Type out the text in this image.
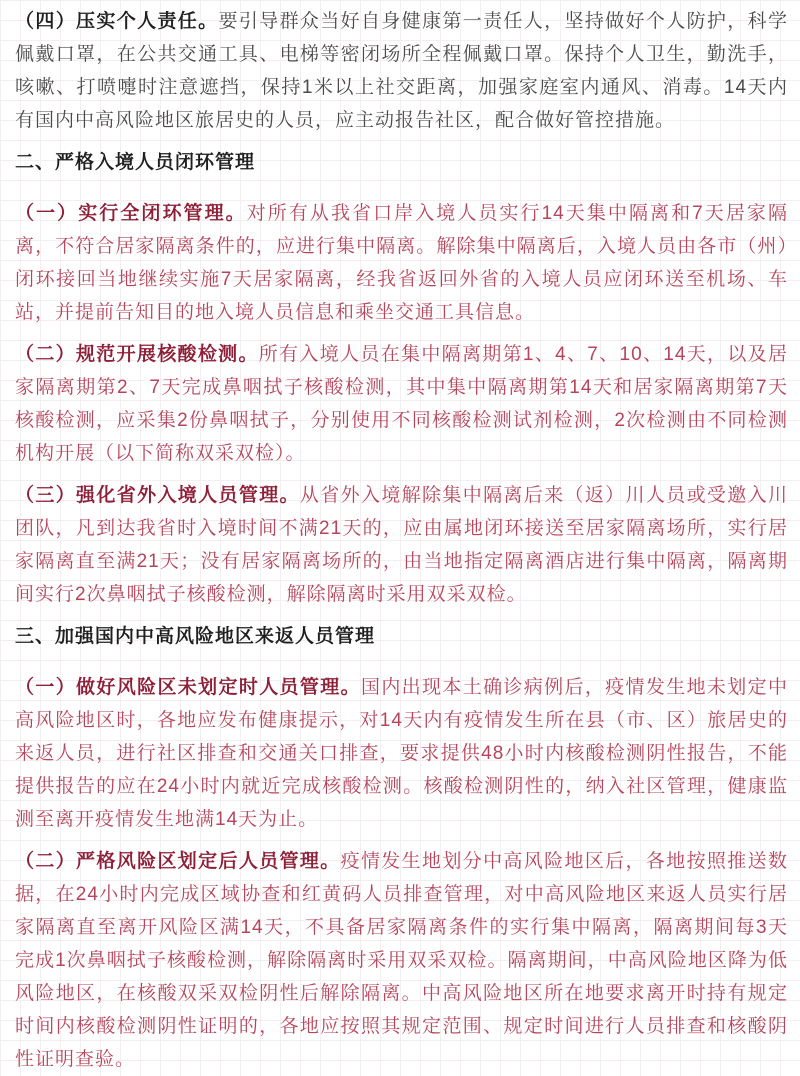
（四）压实个人责任。要引导群众当好自身健康第一责任人，坚持做好个人防护，科学佩戴口罩，在公共交通工具、电梯等密闭场所全程佩戴口罩。保持个人卫生，勤洗手，咳嗽、打喷嚏时注意遮挡，保持1米以上社交距离，加强家庭室内通风、消毒。14天内有国内中高风险地区旅居史的人员，应主动报告社区，配合做好管控措施。

二、严格入境人员闭环管理

（一）实行全闭环管理。对所有从我省口岸入境人员实行14天集中隔离和7天居家隔离，不符合居家隔离条件的，应进行集中隔离。解除集中隔离后，入境人员由各市（州）闭环接回当地继续实施7天居家隔离，经我省返回外省的入境人员应闭环送至机场、车站，并提前告知目的地入境人员信息和乘坐交通工具信息。

（二）规范开展核酸检测。所有入境人员在集中隔离期第1、4、7、10、14天，以及居家隔离期第2、7天完成鼻咽拭子核酸检测，其中集中隔离期第14天和居家隔离期第7天核酸检测，应采集2份鼻咽拭子，分别使用不同核酸检测试剂检测，2次检测由不同检测机构开展（以下简称双采双检）。

（三）强化省外入境人员管理。从省外入境解除集中隔离后来（返）川人员或受邀入川团队，凡到达我省时入境时间不满21天的，应由属地闭环接送至居家隔离场所，实行居家隔离直至满21天；没有居家隔离场所的，由当地指定隔离酒店进行集中隔离，隔离期间实行2次鼻咽拭子核酸检测，解除隔离时采用双采双检。

三、加强国内中高风险地区来返人员管理

（一）做好风险区未划定时人员管理。国内出现本土确诊病例后，疫情发生地未划定中高风险地区时，各地应发布健康提示，对14天内有疫情发生所在县（市、区）旅居史的来返人员，进行社区排查和交通关口排查，要求提供48小时内核酸检测阴性报告，不能提供报告的应在24小时内就近完成核酸检测。核酸检测阴性的，纳入社区管理，健康监测至离开疫情发生地满14天为止。

（二）严格风险区划定后人员管理。疫情发生地划分中高风险地区后，各地按照推送数据，在24小时内完成区域协查和红黄码人员排查管理，对中高风险地区来返人员实行居家隔离直至离开风险区满14天，不具备居家隔离条件的实行集中隔离，隔离期间每3天完成1次鼻咽拭子核酸检测，解除隔离时采用双采双检。隔离期间，中高风险地区降为低风险地区，在核酸双采双检阴性后解除隔离。中高风险地区所在地要求离开时持有规定时间内核酸检测阴性证明的，各地应按照其规定范围、规定时间进行人员排查和核酸阴性证明查验。
